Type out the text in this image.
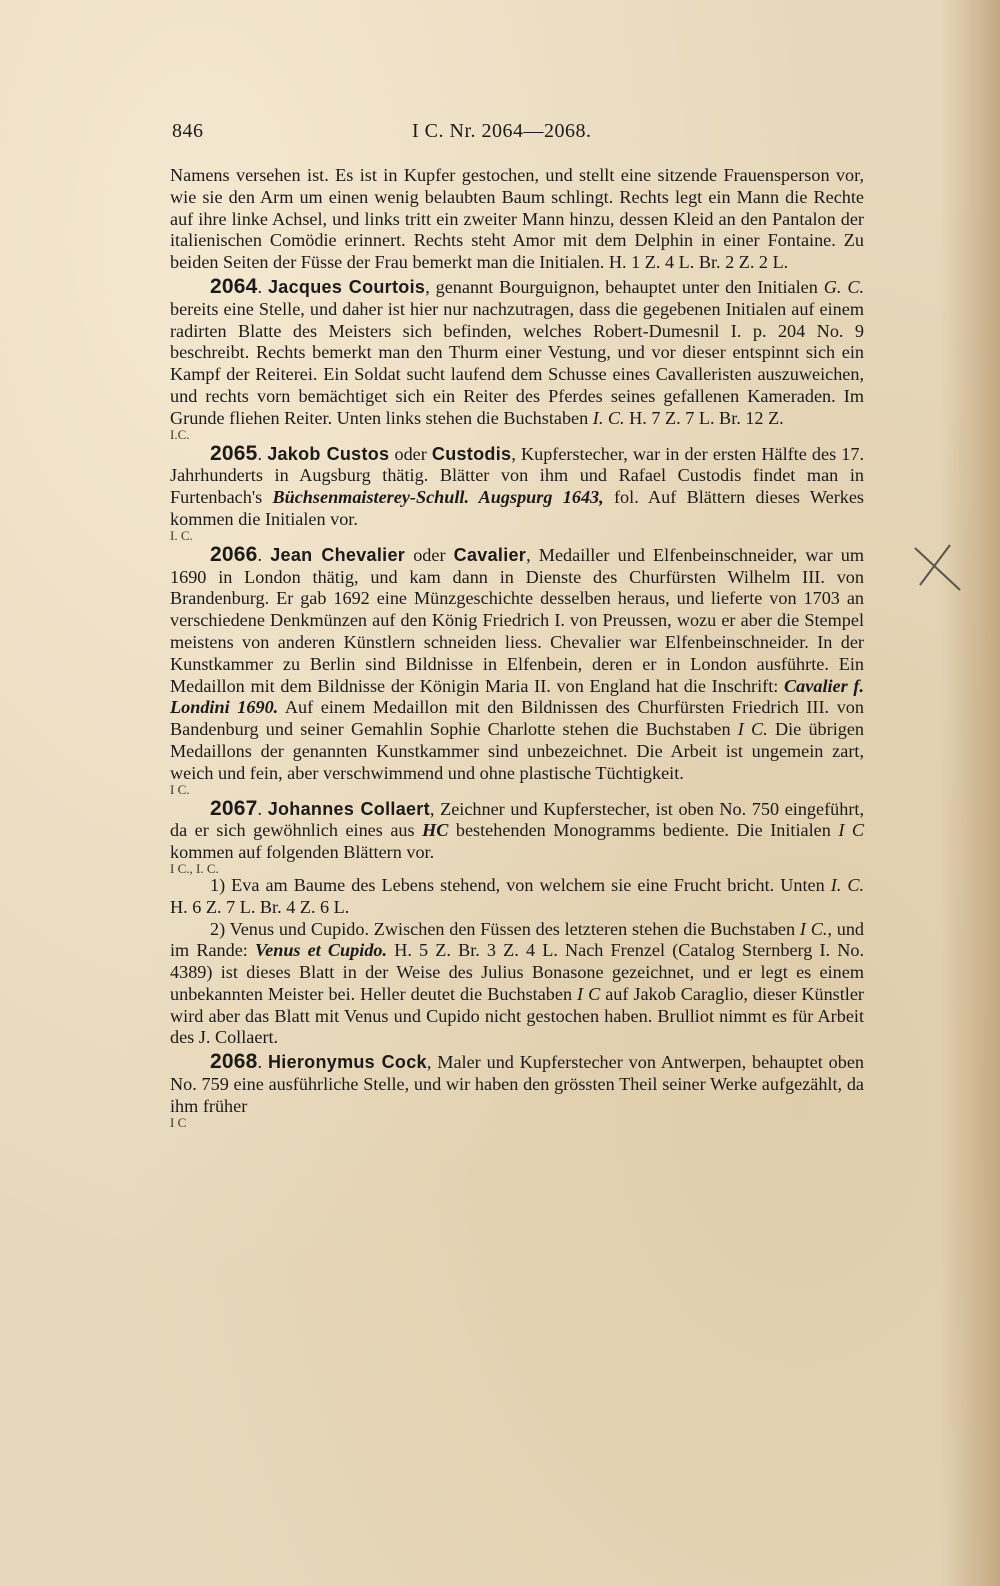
846	I C. Nr. 2064—2068.

Namens versehen ist. Es ist in Kupfer gestochen, und stellt eine sitzende Frauensperson vor, wie sie den Arm um einen wenig belaubten Baum schlingt. Rechts legt ein Mann die Rechte auf ihre linke Achsel, und links tritt ein zweiter Mann hinzu, dessen Kleid an den Pantalon der italienischen Comödie erinnert. Rechts steht Amor mit dem Delphin in einer Fontaine. Zu beiden Seiten der Füsse der Frau bemerkt man die Initialen. H. 1 Z. 4 L. Br. 2 Z. 2 L.

2064. Jacques Courtois, genannt Bourguignon, behauptet unter den Initialen G. C. bereits eine Stelle, und daher ist hier nur nachzutragen, dass die gegebenen Initialen auf einem radirten Blatte des Meisters sich befinden, welches Robert-Dumesnil I. p. 204 No. 9 beschreibt. Rechts bemerkt man den Thurm einer Vestung, und vor dieser entspinnt sich ein Kampf der Reiterei. Ein Soldat sucht laufend dem Schusse eines Cavalleristen auszuweichen, und rechts vorn bemächtiget sich ein Reiter des Pferdes seines gefallenen Kameraden. Im Grunde fliehen Reiter. Unten links stehen die Buchstaben I. C. H. 7 Z. 7 L. Br. 12 Z.

I.C.

2065. Jakob Custos oder Custodis, Kupferstecher, war in der ersten Hälfte des 17. Jahrhunderts in Augsburg thätig. Blätter von ihm und Rafael Custodis findet man in Furtenbach's Büchsenmaisterey-Schull. Augspurg 1643, fol. Auf Blättern dieses Werkes kommen die Initialen vor.

I. C.

2066. Jean Chevalier oder Cavalier, Medailler und Elfenbeinschneider, war um 1690 in London thätig, und kam dann in Dienste des Churfürsten Wilhelm III. von Brandenburg. Er gab 1692 eine Münzgeschichte desselben heraus, und lieferte von 1703 an verschiedene Denkmünzen auf den König Friedrich I. von Preussen, wozu er aber die Stempel meistens von anderen Künstlern schneiden liess. Chevalier war Elfenbeinschneider. In der Kunstkammer zu Berlin sind Bildnisse in Elfenbein, deren er in London ausführte. Ein Medaillon mit dem Bildnisse der Königin Maria II. von England hat die Inschrift: Cavalier f. Londini 1690. Auf einem Medaillon mit den Bildnissen des Churfürsten Friedrich III. von Bandenburg und seiner Gemahlin Sophie Charlotte stehen die Buchstaben I C. Die übrigen Medaillons der genannten Kunstkammer sind unbezeichnet. Die Arbeit ist ungemein zart, weich und fein, aber verschwimmend und ohne plastische Tüchtigkeit.

I C.

2067. Johannes Collaert, Zeichner und Kupferstecher, ist oben No. 750 eingeführt, da er sich gewöhnlich eines aus HC bestehenden Monogramms bediente. Die Initialen I C kommen auf folgenden Blättern vor.

I C., I. C.

1) Eva am Baume des Lebens stehend, von welchem sie eine Frucht bricht. Unten I. C. H. 6 Z. 7 L. Br. 4 Z. 6 L.

2) Venus und Cupido. Zwischen den Füssen des letzteren stehen die Buchstaben I C., und im Rande: Venus et Cupido. H. 5 Z. Br. 3 Z. 4 L. Nach Frenzel (Catalog Sternberg I. No. 4389) ist dieses Blatt in der Weise des Julius Bonasone gezeichnet, und er legt es einem unbekannten Meister bei. Heller deutet die Buchstaben I C auf Jakob Caraglio, dieser Künstler wird aber das Blatt mit Venus und Cupido nicht gestochen haben. Brulliot nimmt es für Arbeit des J. Collaert.

2068. Hieronymus Cock, Maler und Kupferstecher von Antwerpen, behauptet oben No. 759 eine ausführliche Stelle, und wir haben den grössten Theil seiner Werke aufgezählt, da ihm früher

I C
